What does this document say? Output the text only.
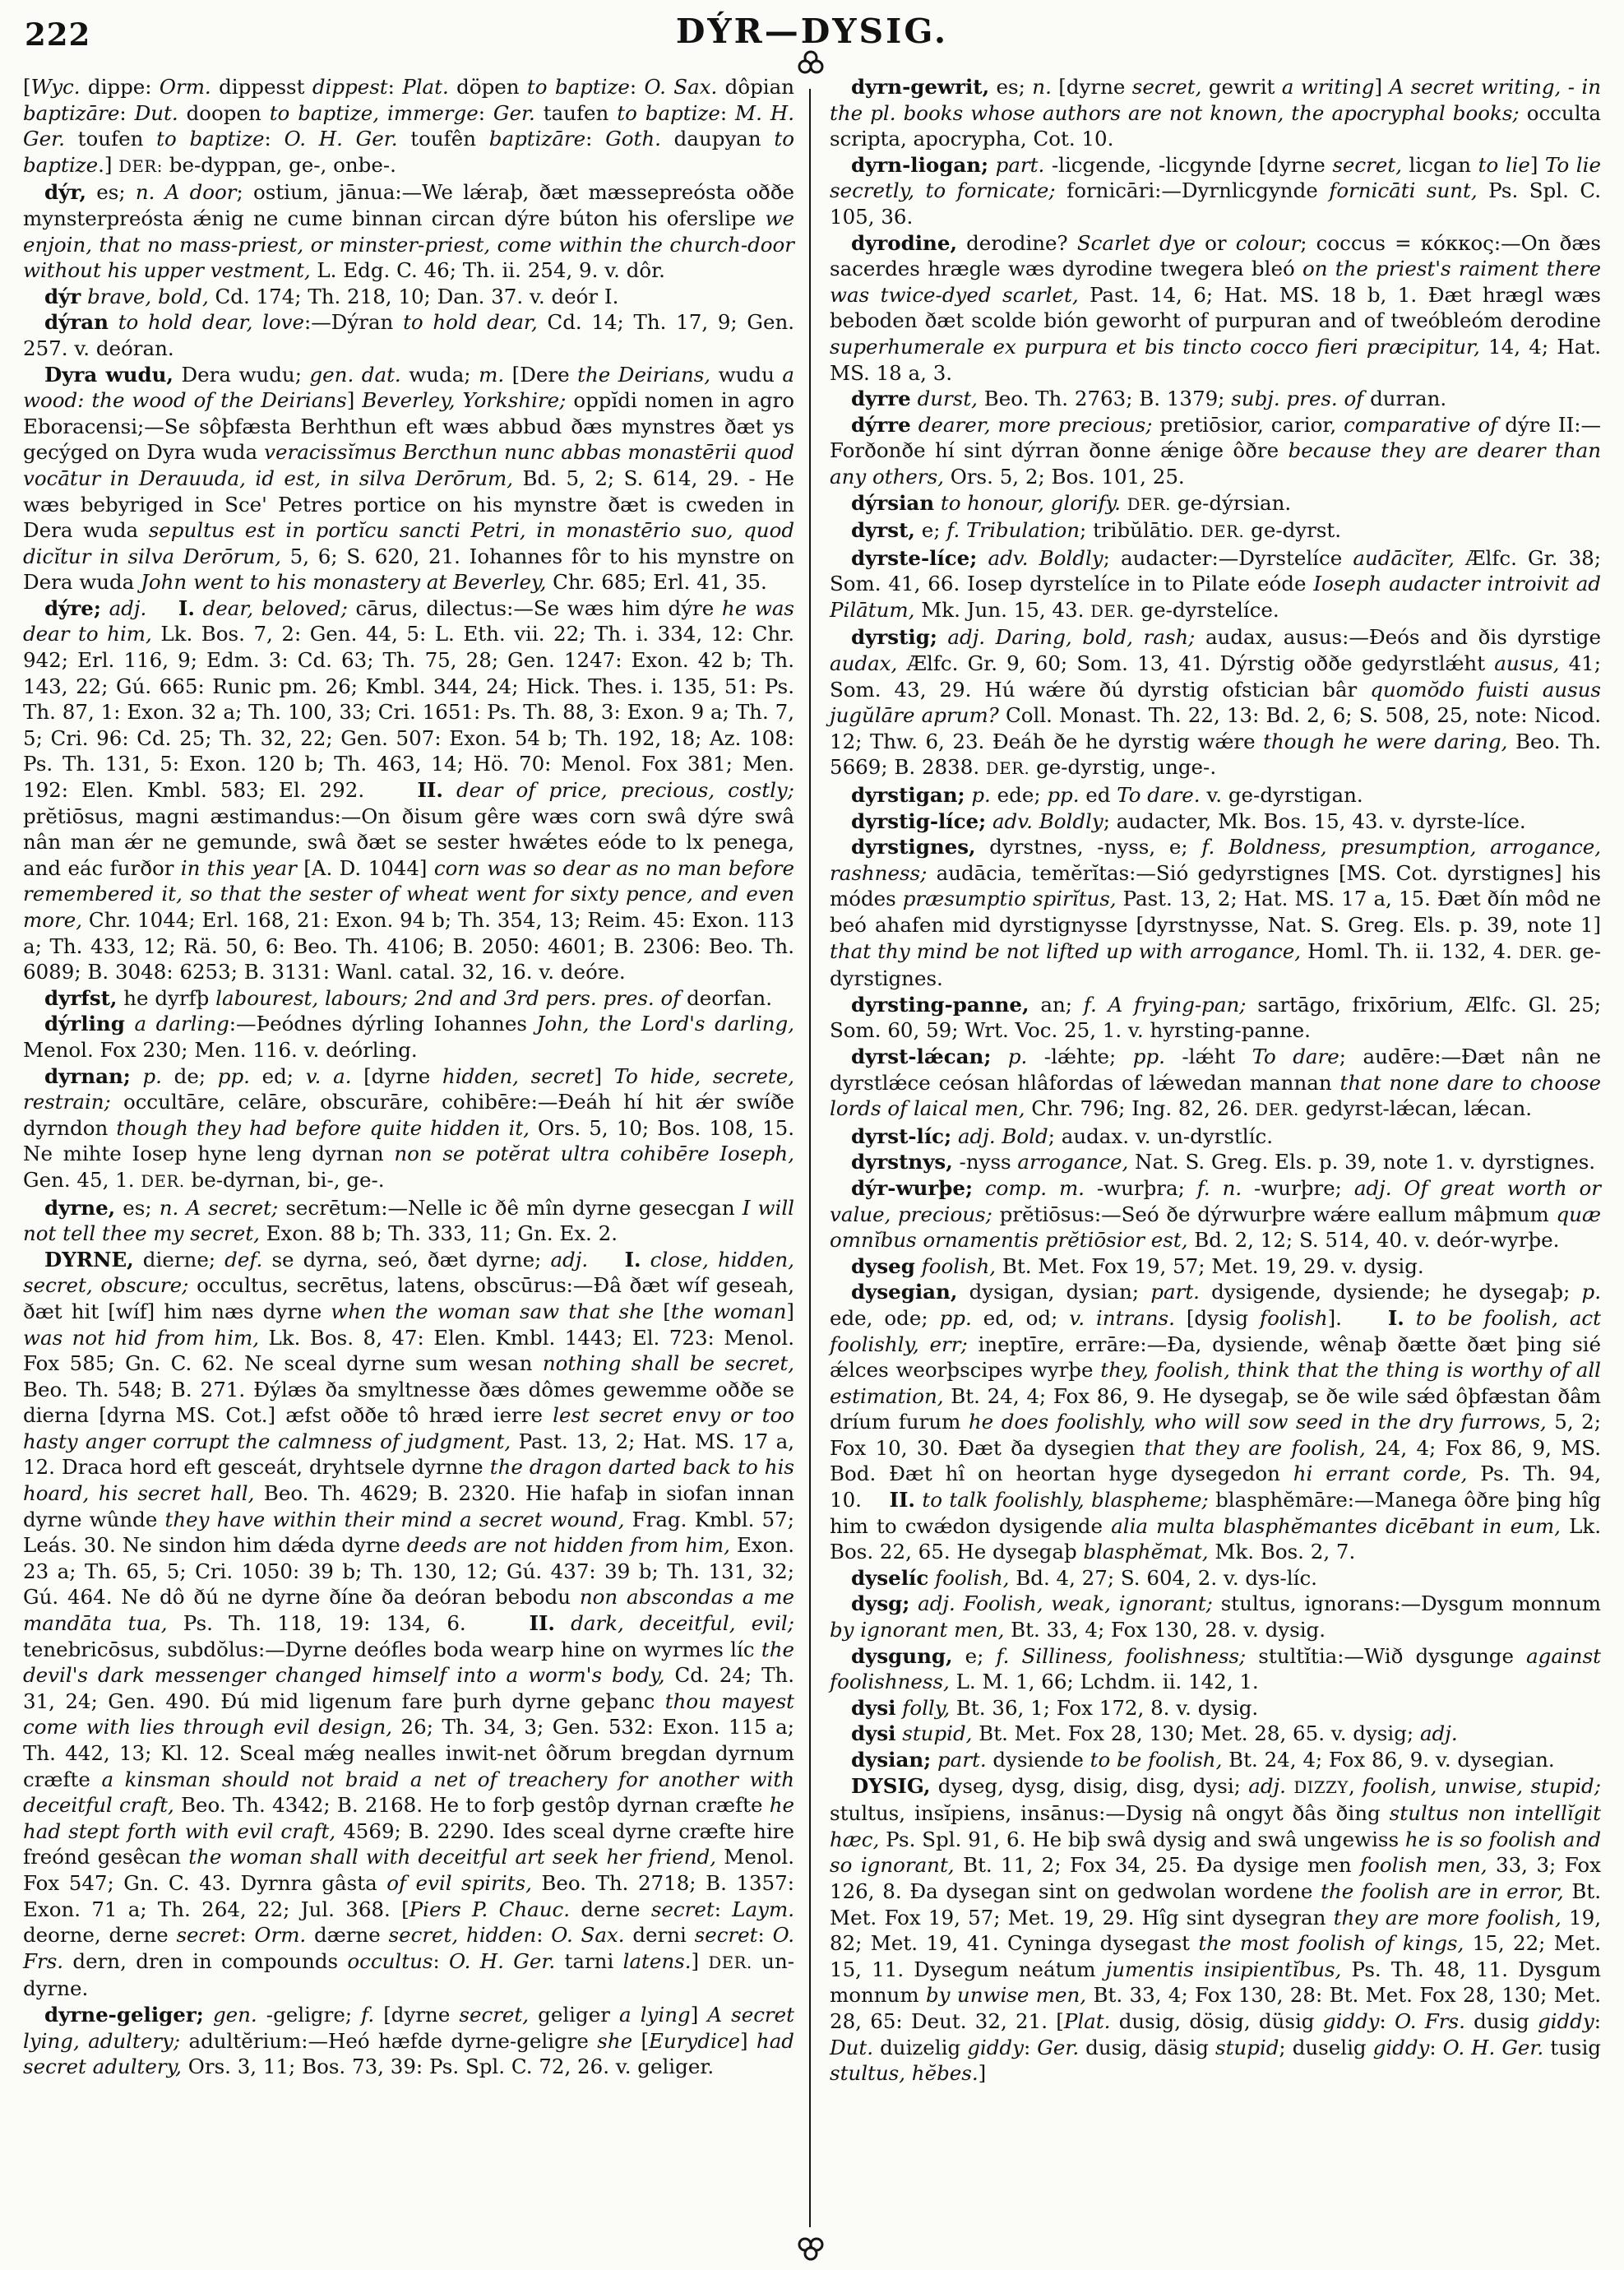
222	DÝR—DYSIG.

[Wyc. dippe: Orm. dippesst dippest: Plat. döpen to baptize: O. Sax. dôpian baptizāre: Dut. doopen to baptize, immerge: Ger. taufen to baptize: M. H. Ger. toufen to baptize: O. H. Ger. toufên baptizāre: Goth. daupyan to baptize.] DER: be-dyppan, ge-, onbe-.

dýr, es; n. A door; ostium, jānua:—We lǽraþ, ðæt mæssepreósta oððe mynsterpreósta ǽnig ne cume binnan circan dýre búton his oferslipe we enjoin, that no mass-priest, or minster-priest, come within the church-door without his upper vestment, L. Edg. C. 46; Th. ii. 254, 9. v. dôr.

dýr brave, bold, Cd. 174; Th. 218, 10; Dan. 37. v. deór I.

dýran to hold dear, love:—Dýran to hold dear, Cd. 14; Th. 17, 9; Gen. 257. v. deóran.

Dyra wudu, Dera wudu; gen. dat. wuda; m. [Dere the Deirians, wudu a wood: the wood of the Deirians] Beverley, Yorkshire; oppĭdi nomen in agro Eboracensi;—Se sôþfæsta Berhthun eft wæs abbud ðæs mynstres ðæt ys gecýged on Dyra wuda veracissĭmus Bercthun nunc abbas monastērii quod vocātur in Derauuda, id est, in silva Derōrum, Bd. 5, 2; S. 614, 29. - He wæs bebyriged in Sce' Petres portice on his mynstre ðæt is cweden in Dera wuda sepultus est in portĭcu sancti Petri, in monastērio suo, quod dicĭtur in silva Derōrum, 5, 6; S. 620, 21. Iohannes fôr to his mynstre on Dera wuda John went to his monastery at Beverley, Chr. 685; Erl. 41, 35.

dýre; adj. I. dear, beloved; cārus, dilectus:—Se wæs him dýre he was dear to him, Lk. Bos. 7, 2: Gen. 44, 5: L. Eth. vii. 22; Th. i. 334, 12: Chr. 942; Erl. 116, 9; Edm. 3: Cd. 63; Th. 75, 28; Gen. 1247: Exon. 42 b; Th. 143, 22; Gú. 665: Runic pm. 26; Kmbl. 344, 24; Hick. Thes. i. 135, 51: Ps. Th. 87, 1: Exon. 32 a; Th. 100, 33; Cri. 1651: Ps. Th. 88, 3: Exon. 9 a; Th. 7, 5; Cri. 96: Cd. 25; Th. 32, 22; Gen. 507: Exon. 54 b; Th. 192, 18; Az. 108: Ps. Th. 131, 5: Exon. 120 b; Th. 463, 14; Hö. 70: Menol. Fox 381; Men. 192: Elen. Kmbl. 583; El. 292.    II. dear of price, precious, costly; prĕtiōsus, magni æstimandus:—On ðisum gêre wæs corn swâ dýre swâ nân man ǽr ne gemunde, swâ ðæt se sester hwǽtes eóde to lx penega, and eác furðor in this year [A. D. 1044] corn was so dear as no man before remembered it, so that the sester of wheat went for sixty pence, and even more, Chr. 1044; Erl. 168, 21: Exon. 94 b; Th. 354, 13; Reim. 45: Exon. 113 a; Th. 433, 12; Rä. 50, 6: Beo. Th. 4106; B. 2050: 4601; B. 2306: Beo. Th. 6089; B. 3048: 6253; B. 3131: Wanl. catal. 32, 16. v. deóre.

dyrfst, he dyrfþ labourest, labours; 2nd and 3rd pers. pres. of deorfan.

dýrling a darling:—Þeódnes dýrling Iohannes John, the Lord's darling, Menol. Fox 230; Men. 116. v. deórling.

dyrnan; p. de; pp. ed; v. a. [dyrne hidden, secret] To hide, secrete, restrain; occultāre, celāre, obscurāre, cohibēre:—Ðeáh hí hit ǽr swíðe dyrndon though they had before quite hidden it, Ors. 5, 10; Bos. 108, 15. Ne mihte Iosep hyne leng dyrnan non se potĕrat ultra cohibēre Ioseph, Gen. 45, 1. DER. be-dyrnan, bi-, ge-.

dyrne, es; n. A secret; secrētum:—Nelle ic ðê mîn dyrne gesecgan I will not tell thee my secret, Exon. 88 b; Th. 333, 11; Gn. Ex. 2.

DYRNE, dierne; def. se dyrna, seó, ðæt dyrne; adj. I. close, hidden, secret, obscure; occultus, secrētus, latens, obscūrus:—Ðâ ðæt wíf geseah, ðæt hit [wíf] him næs dyrne when the woman saw that she [the woman] was not hid from him, Lk. Bos. 8, 47: Elen. Kmbl. 1443; El. 723: Menol. Fox 585; Gn. C. 62. Ne sceal dyrne sum wesan nothing shall be secret, Beo. Th. 548; B. 271. Ðýlæs ða smyltnesse ðæs dômes gewemme oððe se dierna [dyrna MS. Cot.] æfst oððe tô hræd ierre lest secret envy or too hasty anger corrupt the calmness of judgment, Past. 13, 2; Hat. MS. 17 a, 12. Draca hord eft gesceát, dryhtsele dyrnne the dragon darted back to his hoard, his secret hall, Beo. Th. 4629; B. 2320. Hie hafaþ in siofan innan dyrne wûnde they have within their mind a secret wound, Frag. Kmbl. 57; Leás. 30. Ne sindon him dǽda dyrne deeds are not hidden from him, Exon. 23 a; Th. 65, 5; Cri. 1050: 39 b; Th. 130, 12; Gú. 437: 39 b; Th. 131, 32; Gú. 464. Ne dô ðú ne dyrne ðíne ða deóran bebodu non abscondas a me mandāta tua, Ps. Th. 118, 19: 134, 6.    II. dark, deceitful, evil; tenebricōsus, subdŏlus:—Dyrne deófles boda wearp hine on wyrmes líc the devil's dark messenger changed himself into a worm's body, Cd. 24; Th. 31, 24; Gen. 490. Ðú mid ligenum fare þurh dyrne geþanc thou mayest come with lies through evil design, 26; Th. 34, 3; Gen. 532: Exon. 115 a; Th. 442, 13; Kl. 12. Sceal mǽg nealles inwit-net ôðrum bregdan dyrnum cræfte a kinsman should not braid a net of treachery for another with deceitful craft, Beo. Th. 4342; B. 2168. He to forþ gestôp dyrnan cræfte he had stept forth with evil craft, 4569; B. 2290. Ides sceal dyrne cræfte hire freónd gesêcan the woman shall with deceitful art seek her friend, Menol. Fox 547; Gn. C. 43. Dyrnra gâsta of evil spirits, Beo. Th. 2718; B. 1357: Exon. 71 a; Th. 264, 22; Jul. 368. [Piers P. Chauc. derne secret: Laym. deorne, derne secret: Orm. dærne secret, hidden: O. Sax. derni secret: O. Frs. dern, dren in compounds occultus: O. H. Ger. tarni latens.] DER. un-dyrne.

dyrne-geliger; gen. -geligre; f. [dyrne secret, geliger a lying] A secret lying, adultery; adultĕrium:—Heó hæfde dyrne-geligre she [Eurydice] had secret adultery, Ors. 3, 11; Bos. 73, 39: Ps. Spl. C. 72, 26. v. geliger.

dyrn-gewrit, es; n. [dyrne secret, gewrit a writing] A secret writing, - in the pl. books whose authors are not known, the apocryphal books; occulta scripta, apocrypha, Cot. 10.

dyrn-liogan; part. -licgende, -licgynde [dyrne secret, licgan to lie] To lie secretly, to fornicate; fornicāri:—Dyrnlicgynde fornicāti sunt, Ps. Spl. C. 105, 36.

dyrodine, derodine? Scarlet dye or colour; coccus = κόκκος:—On ðæs sacerdes hrægle wæs dyrodine twegera bleó on the priest's raiment there was twice-dyed scarlet, Past. 14, 6; Hat. MS. 18 b, 1. Ðæt hrægl wæs beboden ðæt scolde bión geworht of purpuran and of tweóbleóm derodine superhumerale ex purpura et bis tincto cocco fieri præcipitur, 14, 4; Hat. MS. 18 a, 3.

dyrre durst, Beo. Th. 2763; B. 1379; subj. pres. of durran.

dýrre dearer, more precious; pretiōsior, carior, comparative of dýre II:—Forðonðe hí sint dýrran ðonne ǽnige ôðre because they are dearer than any others, Ors. 5, 2; Bos. 101, 25.

dýrsian to honour, glorify. DER. ge-dýrsian.

dyrst, e; f. Tribulation; tribŭlātio. DER. ge-dyrst.

dyrste-líce; adv. Boldly; audacter:—Dyrstelíce audācĭter, Ælfc. Gr. 38; Som. 41, 66. Iosep dyrstelíce in to Pilate eóde Ioseph audacter introivit ad Pilātum, Mk. Jun. 15, 43. DER. ge-dyrstelíce.

dyrstig; adj. Daring, bold, rash; audax, ausus:—Ðeós and ðis dyrstige audax, Ælfc. Gr. 9, 60; Som. 13, 41. Dýrstig oððe gedyrstlǽht ausus, 41; Som. 43, 29. Hú wǽre ðú dyrstig ofstician bâr quomŏdo fuisti ausus jugŭlāre aprum? Coll. Monast. Th. 22, 13: Bd. 2, 6; S. 508, 25, note: Nicod. 12; Thw. 6, 23. Ðeáh ðe he dyrstig wǽre though he were daring, Beo. Th. 5669; B. 2838. DER. ge-dyrstig, unge-.

dyrstigan; p. ede; pp. ed To dare. v. ge-dyrstigan.

dyrstig-líce; adv. Boldly; audacter, Mk. Bos. 15, 43. v. dyrste-líce.

dyrstignes, dyrstnes, -nyss, e; f. Boldness, presumption, arrogance, rashness; audācia, temĕrĭtas:—Sió gedyrstignes [MS. Cot. dyrstignes] his módes præsumptio spirĭtus, Past. 13, 2; Hat. MS. 17 a, 15. Ðæt ðín môd ne beó ahafen mid dyrstignysse [dyrstnysse, Nat. S. Greg. Els. p. 39, note 1] that thy mind be not lifted up with arrogance, Homl. Th. ii. 132, 4. DER. ge-dyrstignes.

dyrsting-panne, an; f. A frying-pan; sartāgo, frixōrium, Ælfc. Gl. 25; Som. 60, 59; Wrt. Voc. 25, 1. v. hyrsting-panne.

dyrst-lǽcan; p. -lǽhte; pp. -lǽht To dare; audēre:—Ðæt nân ne dyrstlǽce ceósan hlâfordas of lǽwedan mannan that none dare to choose lords of laical men, Chr. 796; Ing. 82, 26. DER. gedyrst-lǽcan, lǽcan.

dyrst-líc; adj. Bold; audax. v. un-dyrstlíc.

dyrstnys, -nyss arrogance, Nat. S. Greg. Els. p. 39, note 1. v. dyrstignes.

dýr-wurþe; comp. m. -wurþra; f. n. -wurþre; adj. Of great worth or value, precious; prĕtiōsus:—Seó ðe dýrwurþre wǽre eallum mâþmum quæ omnĭbus ornamentis prĕtiōsior est, Bd. 2, 12; S. 514, 40. v. deór-wyrþe.

dyseg foolish, Bt. Met. Fox 19, 57; Met. 19, 29. v. dysig.

dysegian, dysigan, dysian; part. dysigende, dysiende; he dysegaþ; p. ede, ode; pp. ed, od; v. intrans. [dysig foolish].    I. to be foolish, act foolishly, err; ineptīre, errāre:—Ða, dysiende, wênaþ ðætte ðæt þing sié ǽlces weorþscipes wyrþe they, foolish, think that the thing is worthy of all estimation, Bt. 24, 4; Fox 86, 9. He dysegaþ, se ðe wile sǽd ôþfæstan ðâm dríum furum he does foolishly, who will sow seed in the dry furrows, 5, 2; Fox 10, 30. Ðæt ða dysegien that they are foolish, 24, 4; Fox 86, 9, MS. Bod. Ðæt hî on heortan hyge dysegedon hi errant corde, Ps. Th. 94, 10.    II. to talk foolishly, blaspheme; blasphĕmāre:—Manega ôðre þing hîg him to cwǽdon dysigende alia multa blasphĕmantes dicēbant in eum, Lk. Bos. 22, 65. He dysegaþ blasphĕmat, Mk. Bos. 2, 7.

dyselíc foolish, Bd. 4, 27; S. 604, 2. v. dys-líc.

dysg; adj. Foolish, weak, ignorant; stultus, ignorans:—Dysgum monnum by ignorant men, Bt. 33, 4; Fox 130, 28. v. dysig.

dysgung, e; f. Silliness, foolishness; stultĭtia:—Wið dysgunge against foolishness, L. M. 1, 66; Lchdm. ii. 142, 1.

dysi folly, Bt. 36, 1; Fox 172, 8. v. dysig.

dysi stupid, Bt. Met. Fox 28, 130; Met. 28, 65. v. dysig; adj.

dysian; part. dysiende to be foolish, Bt. 24, 4; Fox 86, 9. v. dysegian.

DYSIG, dyseg, dysg, disig, disg, dysi; adj. DIZZY, foolish, unwise, stupid; stultus, insĭpiens, insānus:—Dysig nâ ongyt ðâs ðing stultus non intellĭgit hæc, Ps. Spl. 91, 6. He biþ swâ dysig and swâ ungewiss he is so foolish and so ignorant, Bt. 11, 2; Fox 34, 25. Ða dysige men foolish men, 33, 3; Fox 126, 8. Ða dysegan sint on gedwolan wordene the foolish are in error, Bt. Met. Fox 19, 57; Met. 19, 29. Hîg sint dysegran they are more foolish, 19, 82; Met. 19, 41. Cyninga dysegast the most foolish of kings, 15, 22; Met. 15, 11. Dysegum neátum jumentis insipientĭbus, Ps. Th. 48, 11. Dysgum monnum by unwise men, Bt. 33, 4; Fox 130, 28: Bt. Met. Fox 28, 130; Met. 28, 65: Deut. 32, 21. [Plat. dusig, dösig, düsig giddy: O. Frs. dusig giddy: Dut. duizelig giddy: Ger. dusig, däsig stupid; duselig giddy: O. H. Ger. tusig stultus, hĕbes.]
